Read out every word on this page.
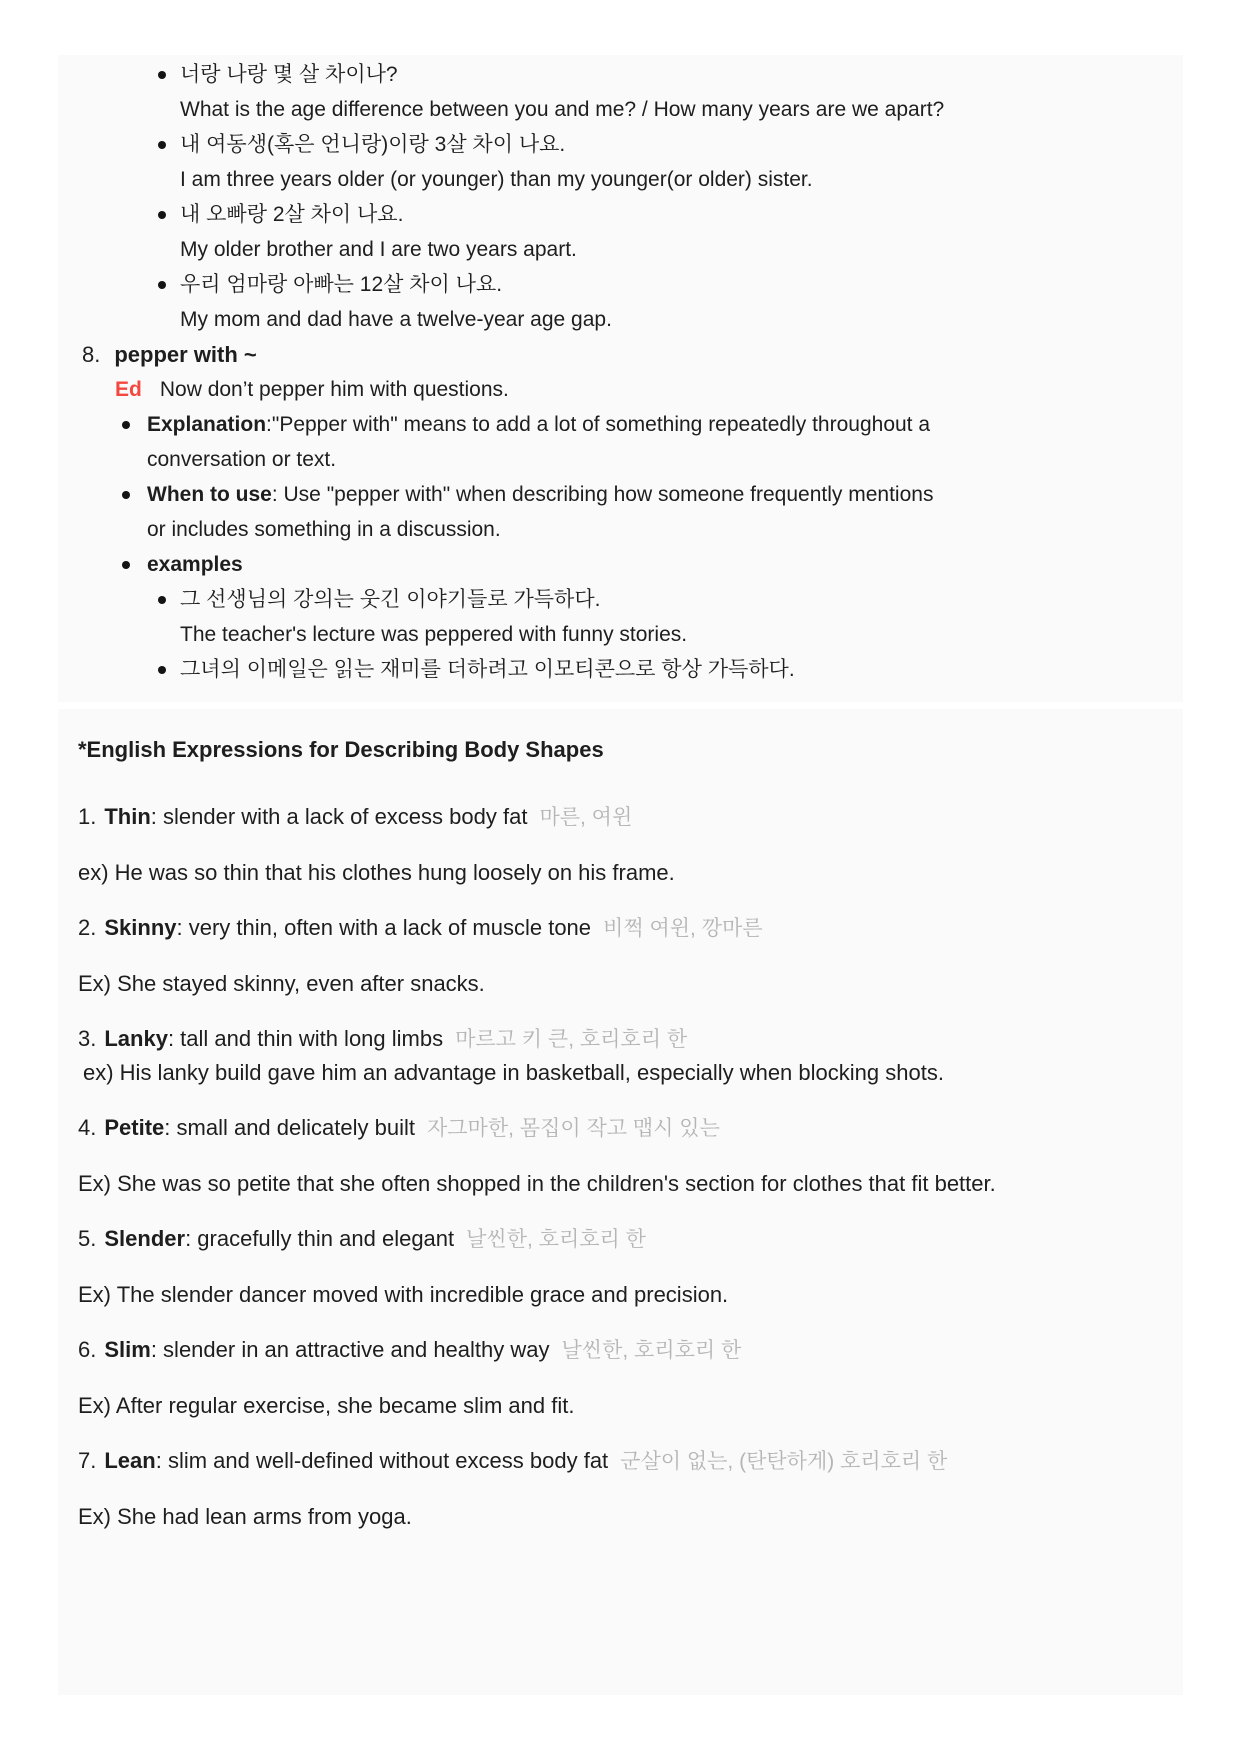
너랑 나랑 몇 살 차이나?
What is the age difference between you and me? / How many years are we apart?
내 여동생(혹은 언니랑)이랑 3살 차이 나요.
I am three years older (or younger) than my younger(or older) sister.
내 오빠랑 2살 차이 나요.
My older brother and I are two years apart.
우리 엄마랑 아빠는 12살 차이 나요.
My mom and dad have a twelve-year age gap.
8. pepper with ~
Ed Now don’t pepper him with questions.
Explanation:"Pepper with" means to add a lot of something repeatedly throughout a conversation or text.
When to use: Use "pepper with" when describing how someone frequently mentions or includes something in a discussion.
examples
그 선생님의 강의는 웃긴 이야기들로 가득하다.
The teacher's lecture was peppered with funny stories.
그녀의 이메일은 읽는 재미를 더하려고 이모티콘으로 항상 가득하다.
*English Expressions for Describing Body Shapes

1. Thin: slender with a lack of excess body fat 마른, 여윈

ex) He was so thin that his clothes hung loosely on his frame.

2. Skinny: very thin, often with a lack of muscle tone 비쩍 여윈, 깡마른

Ex) She stayed skinny, even after snacks.

3. Lanky: tall and thin with long limbs 마르고 키 큰, 호리호리 한

ex) His lanky build gave him an advantage in basketball, especially when blocking shots.

4. Petite: small and delicately built 자그마한, 몸집이 작고 맵시 있는

Ex) She was so petite that she often shopped in the children's section for clothes that fit better.

5. Slender: gracefully thin and elegant 날씬한, 호리호리 한

Ex) The slender dancer moved with incredible grace and precision.

6. Slim: slender in an attractive and healthy way 날씬한, 호리호리 한

Ex) After regular exercise, she became slim and fit.

7. Lean: slim and well-defined without excess body fat 군살이 없는, (탄탄하게) 호리호리 한

Ex) She had lean arms from yoga.
